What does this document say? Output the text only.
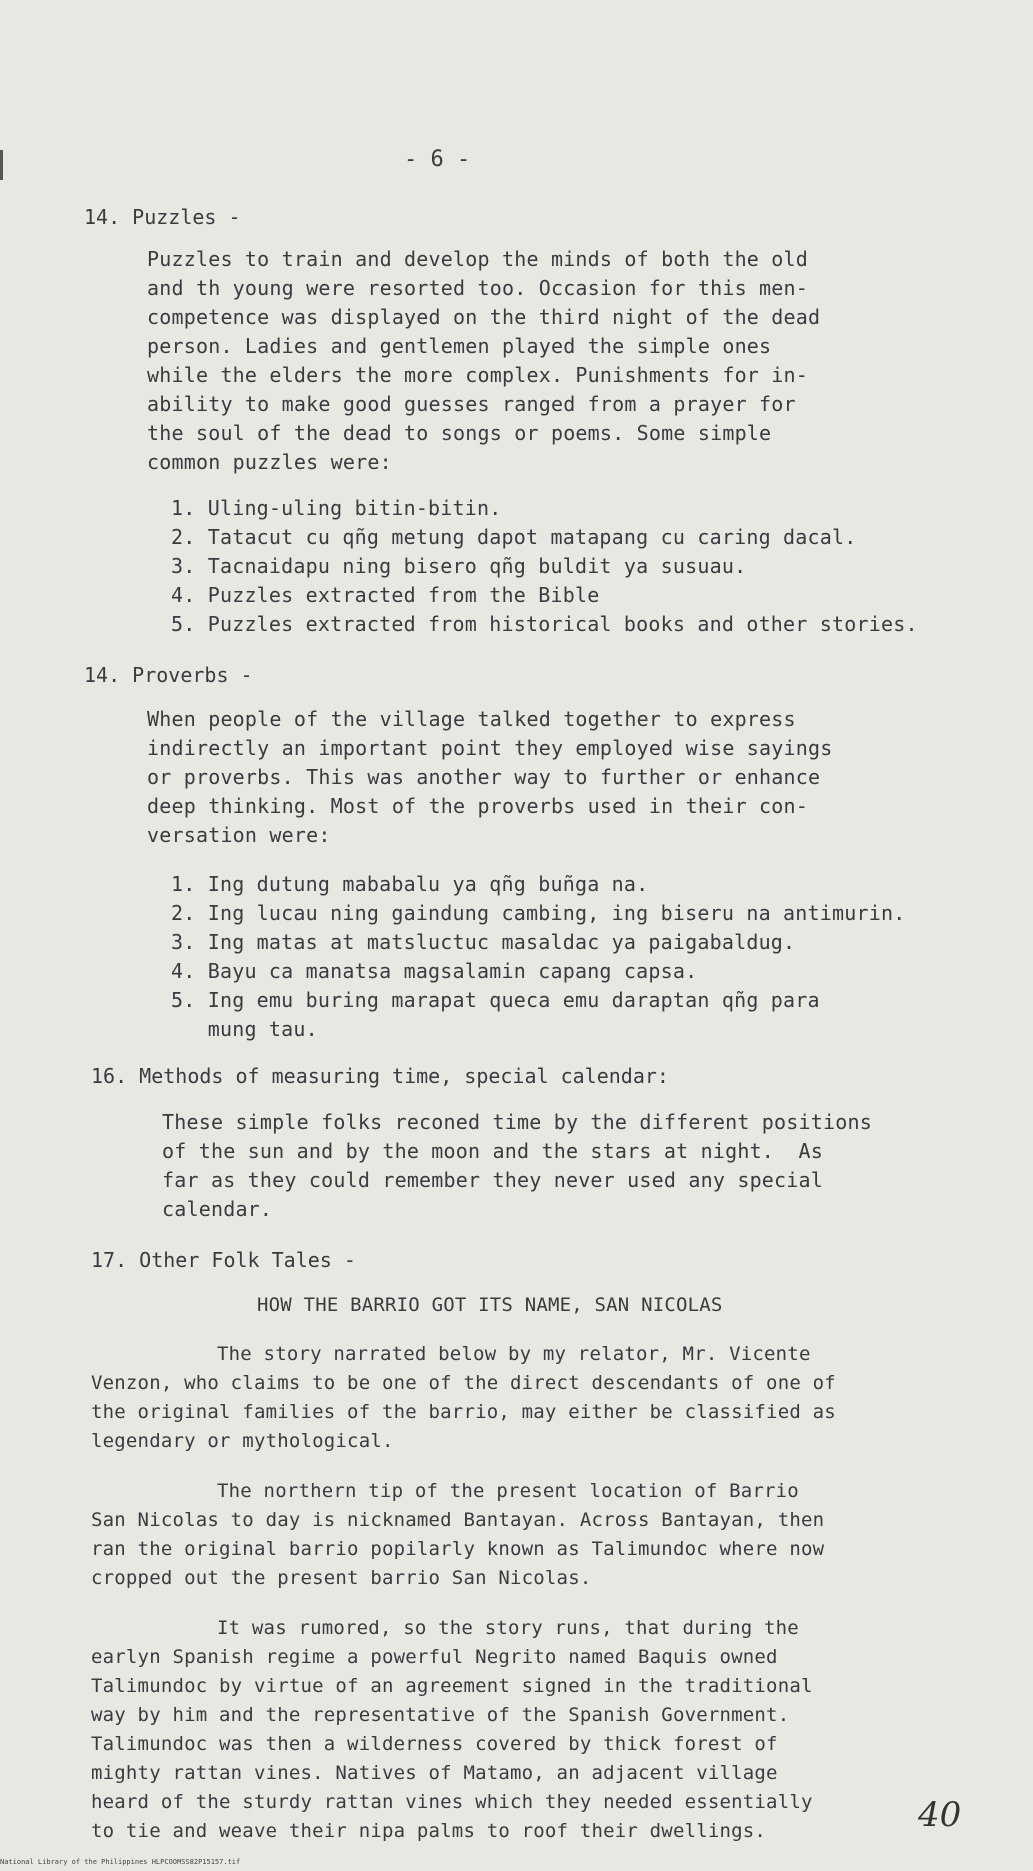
- 6 -
14. Puzzles -
Puzzles to train and develop the minds of both the old
and th young were resorted too. Occasion for this men-
competence was displayed on the third night of the dead
person. Ladies and gentlemen played the simple ones
while the elders the more complex. Punishments for in-
ability to make good guesses ranged from a prayer for
the soul of the dead to songs or poems. Some simple
common puzzles were:
1. Uling-uling bitin-bitin.
2. Tatacut cu qñg metung dapot matapang cu caring dacal.
3. Tacnaidapu ning bisero qñg buldit ya susuau.
4. Puzzles extracted from the Bible
5. Puzzles extracted from historical books and other stories.
14. Proverbs -
When people of the village talked together to express
indirectly an important point they employed wise sayings
or proverbs. This was another way to further or enhance
deep thinking. Most of the proverbs used in their con-
versation were:
1. Ing dutung mababalu ya qñg buñga na.
2. Ing lucau ning gaindung cambing, ing biseru na antimurin.
3. Ing matas at matsluctuc masaldac ya paigabaldug.
4. Bayu ca manatsa magsalamin capang capsa.
5. Ing emu buring marapat queca emu daraptan qñg para
mung tau.
16. Methods of measuring time, special calendar:
These simple folks reconed time by the different positions
of the sun and by the moon and the stars at night.  As
far as they could remember they never used any special
calendar.
17. Other Folk Tales -
HOW THE BARRIO GOT ITS NAME, SAN NICOLAS
The story narrated below by my relator, Mr. Vicente
Venzon, who claims to be one of the direct descendants of one of
the original families of the barrio, may either be classified as
legendary or mythological.
The northern tip of the present location of Barrio
San Nicolas to day is nicknamed Bantayan. Across Bantayan, then
ran the original barrio popilarly known as Talimundoc where now
cropped out the present barrio San Nicolas.
It was rumored, so the story runs, that during the
earlyn Spanish regime a powerful Negrito named Baquis owned
Talimundoc by virtue of an agreement signed in the traditional
way by him and the representative of the Spanish Government.
Talimundoc was then a wilderness covered by thick forest of
mighty rattan vines. Natives of Matamo, an adjacent village
heard of the sturdy rattan vines which they needed essentially
to tie and weave their nipa palms to roof their dwellings.	40
National Library of the Philippines HLPCOOMSS82P15157.tif
